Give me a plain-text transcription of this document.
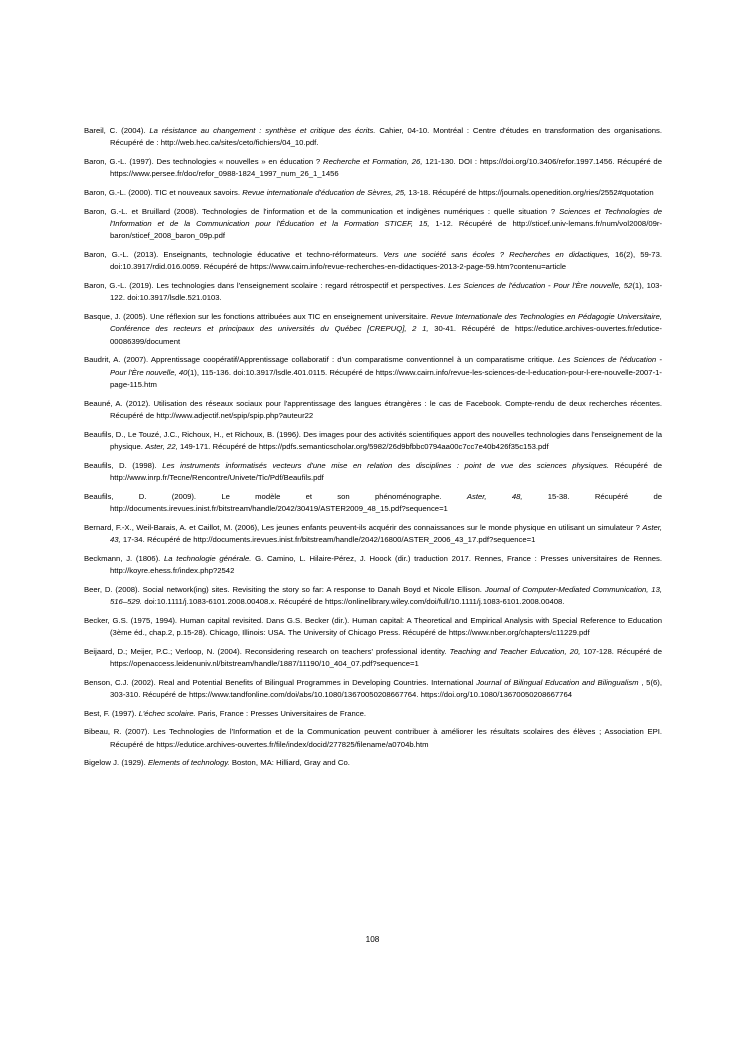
Bareil, C. (2004). La résistance au changement : synthèse et critique des écrits. Cahier, 04-10. Montréal : Centre d'études en transformation des organisations. Récupéré de : http://web.hec.ca/sites/ceto/fichiers/04_10.pdf.

Baron, G.-L. (1997). Des technologies « nouvelles » en éducation ? Recherche et Formation, 26, 121-130. DOI : https://doi.org/10.3406/refor.1997.1456. Récupéré de https://www.persee.fr/doc/refor_0988-1824_1997_num_26_1_1456

Baron, G.-L. (2000). TIC et nouveaux savoirs. Revue internationale d'éducation de Sèvres, 25, 13-18. Récupéré de https://journals.openedition.org/ries/2552#quotation

Baron, G.-L. et Bruillard (2008). Technologies de l'information et de la communication et indigènes numériques : quelle situation ? Sciences et Technologies de l'Information et de la Communication pour l'Éducation et la Formation STICEF, 15, 1-12. Récupéré de http://sticef.univ-lemans.fr/num/vol2008/09r-baron/sticef_2008_baron_09p.pdf

Baron, G.-L. (2013). Enseignants, technologie éducative et techno-réformateurs. Vers une société sans écoles ? Recherches en didactiques, 16(2), 59-73. doi:10.3917/rdid.016.0059. Récupéré de https://www.cairn.info/revue-recherches-en-didactiques-2013-2-page-59.htm?contenu=article

Baron, G.-L. (2019). Les technologies dans l'enseignement scolaire : regard rétrospectif et perspectives. Les Sciences de l'éducation - Pour l'Ère nouvelle, 52(1), 103-122. doi:10.3917/lsdle.521.0103.

Basque, J. (2005). Une réflexion sur les fonctions attribuées aux TIC en enseignement universitaire. Revue Internationale des Technologies en Pédagogie Universitaire, Conférence des recteurs et principaux des universités du Québec [CREPUQ], 2 1, 30-41. Récupéré de https://edutice.archives-ouvertes.fr/edutice-00086399/document

Baudrit, A. (2007). Apprentissage coopératif/Apprentissage collaboratif : d'un comparatisme conventionnel à un comparatisme critique. Les Sciences de l'éducation - Pour l'Ère nouvelle, 40(1), 115-136. doi:10.3917/lsdle.401.0115. Récupéré de https://www.cairn.info/revue-les-sciences-de-l-education-pour-l-ere-nouvelle-2007-1-page-115.htm

Beauné, A. (2012). Utilisation des réseaux sociaux pour l'apprentissage des langues étrangères : le cas de Facebook. Compte-rendu de deux recherches récentes. Récupéré de http://www.adjectif.net/spip/spip.php?auteur22

Beaufils, D., Le Touzé, J.C., Richoux, H., et Richoux, B. (1996). Des images pour des activités scientifiques apport des nouvelles technologies dans l'enseignement de la physique. Aster, 22, 149-171. Récupéré de https://pdfs.semanticscholar.org/5982/26d9bfbbc0794aa00c7cc7e40b426f35c153.pdf

Beaufils, D. (1998). Les instruments informatisés vecteurs d'une mise en relation des disciplines : point de vue des sciences physiques. Récupéré de http://www.inrp.fr/Tecne/Rencontre/Univete/Tic/Pdf/Beaufils.pdf

Beaufils, D. (2009). Le modèle et son phénoménographe. Aster, 48, 15-38. Récupéré de http://documents.irevues.inist.fr/bitstream/handle/2042/30419/ASTER2009_48_15.pdf?sequence=1

Bernard, F.-X., Weil-Barais, A. et Caillot, M. (2006), Les jeunes enfants peuvent-ils acquérir des connaissances sur le monde physique en utilisant un simulateur ? Aster, 43, 17-34. Récupéré de http://documents.irevues.inist.fr/bitstream/handle/2042/16800/ASTER_2006_43_17.pdf?sequence=1

Beckmann, J. (1806). La technologie générale. G. Camino, L. Hilaire-Pérez, J. Hoock (dir.) traduction 2017. Rennes, France : Presses universitaires de Rennes. http://koyre.ehess.fr/index.php?2542

Beer, D. (2008). Social network(ing) sites. Revisiting the story so far: A response to Danah Boyd et Nicole Ellison. Journal of Computer-Mediated Communication, 13, 516–529. doi:10.1111/j.1083-6101.2008.00408.x. Récupéré de https://onlinelibrary.wiley.com/doi/full/10.1111/j.1083-6101.2008.00408.

Becker, G.S. (1975, 1994). Human capital revisited. Dans G.S. Becker (dir.). Human capital: A Theoretical and Empirical Analysis with Special Reference to Education (3ème éd., chap.2, p.15-28). Chicago, Illinois: USA. The University of Chicago Press. Récupéré de https://www.nber.org/chapters/c11229.pdf

Beijaard, D.; Meijer, P.C.; Verloop, N. (2004). Reconsidering research on teachers' professional identity. Teaching and Teacher Education, 20, 107-128. Récupéré de https://openaccess.leidenuniv.nl/bitstream/handle/1887/11190/10_404_07.pdf?sequence=1

Benson, C.J. (2002). Real and Potential Benefits of Bilingual Programmes in Developing Countries. International Journal of Bilingual Education and Bilingualism , 5(6), 303-310. Récupéré de https://www.tandfonline.com/doi/abs/10.1080/13670050208667764. https://doi.org/10.1080/13670050208667764

Best, F. (1997). L'échec scolaire. Paris, France : Presses Universitaires de France.

Bibeau, R. (2007). Les Technologies de l'Information et de la Communication peuvent contribuer à améliorer les résultats scolaires des élèves ; Association EPI. Récupéré de https://edutice.archives-ouvertes.fr/file/index/docid/277825/filename/a0704b.htm

Bigelow J. (1929). Elements of technology. Boston, MA: Hilliard, Gray and Co.

108
